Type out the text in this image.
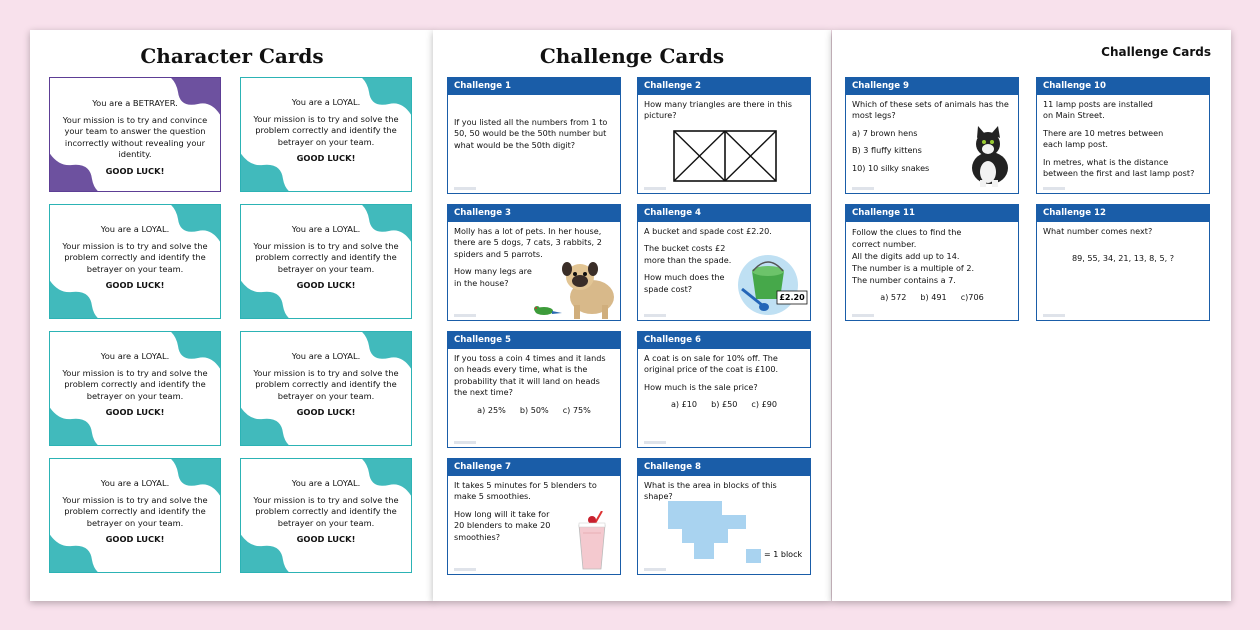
Character Cards	Challenge Cards	Challenge Cards

You are a BETRAYER.

Your mission is to try and convince your team to answer the question incorrectly without revealing your identity.

GOOD LUCK!

You are a LOYAL.

Your mission is to try and solve the problem correctly and identify the betrayer on your team.

GOOD LUCK!

You are a LOYAL.

Your mission is to try and solve the problem correctly and identify the betrayer on your team.

GOOD LUCK!

You are a LOYAL.

Your mission is to try and solve the problem correctly and identify the betrayer on your team.

GOOD LUCK!

You are a LOYAL.

Your mission is to try and solve the problem correctly and identify the betrayer on your team.

GOOD LUCK!

You are a LOYAL.

Your mission is to try and solve the problem correctly and identify the betrayer on your team.

GOOD LUCK!

You are a LOYAL.

Your mission is to try and solve the problem correctly and identify the betrayer on your team.

GOOD LUCK!

You are a LOYAL.

Your mission is to try and solve the problem correctly and identify the betrayer on your team.

GOOD LUCK!

Challenge 1

If you listed all the numbers from 1 to 50, 50 would be the 50th number but what would be the 50th digit?

Challenge 2

How many triangles are there in this picture?

Challenge 3

Molly has a lot of pets. In her house, there are 5 dogs, 7 cats, 3 rabbits, 2 spiders and 5 parrots.

How many legs are in the house?

Challenge 4

A bucket and spade cost £2.20.

The bucket costs £2 more than the spade.

How much does the spade cost?

£2.20
Challenge 5

If you toss a coin 4 times and it lands on heads every time, what is the probability that it will land on heads the next time?

a) 25% b) 50% c) 75%
Challenge 6

A coat is on sale for 10% off. The original price of the coat is £100.

How much is the sale price?

a) £10 b) £50 c) £90
Challenge 7

It takes 5 minutes for 5 blenders to make 5 smoothies.

How long will it take for 20 blenders to make 20 smoothies?

Challenge 8

What is the area in blocks of this shape?

= 1 block
Challenge 9

Which of these sets of animals has the most legs?

a) 7 brown hens

B) 3 fluffy kittens

10) 10 silky snakes

Challenge 10

11 lamp posts are installed on Main Street.

There are 10 metres between each lamp post.

In metres, what is the distance between the first and last lamp post?

Challenge 11
Follow the clues to find the correct number.
All the digits add up to 14.
The number is a multiple of 2.
The number contains a 7.
a) 572 b) 491 c)706
Challenge 12

What number comes next?

89, 55, 34, 21, 13, 8, 5, ?
